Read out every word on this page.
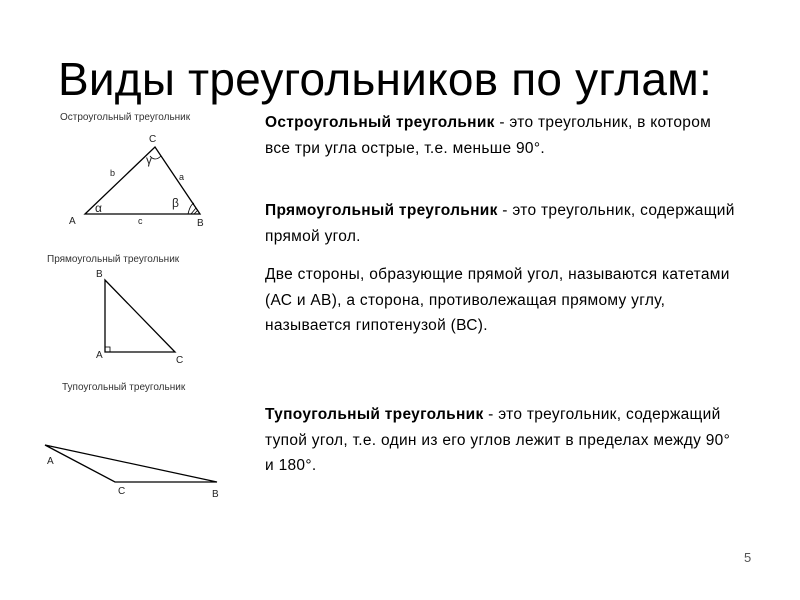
Виды треугольников по углам:
Остроугольный треугольник
C
A	B
b	a
c
γ
α	β
Прямоугольный треугольник
B
A	C
Тупоугольный треугольник
A
C	B
Остроугольный треугольник - это треугольник, в котором все три угла острые, т.е. меньше 90°.
Прямоугольный треугольник - это треугольник, содержащий прямой угол.
Две стороны, образующие прямой угол, называются катетами (АС и АВ), а сторона, противолежащая прямому углу, называется гипотенузой (ВС).
Тупоугольный треугольник - это треугольник, содержащий тупой угол, т.е. один из его углов лежит в пределах между 90° и 180°.
5
